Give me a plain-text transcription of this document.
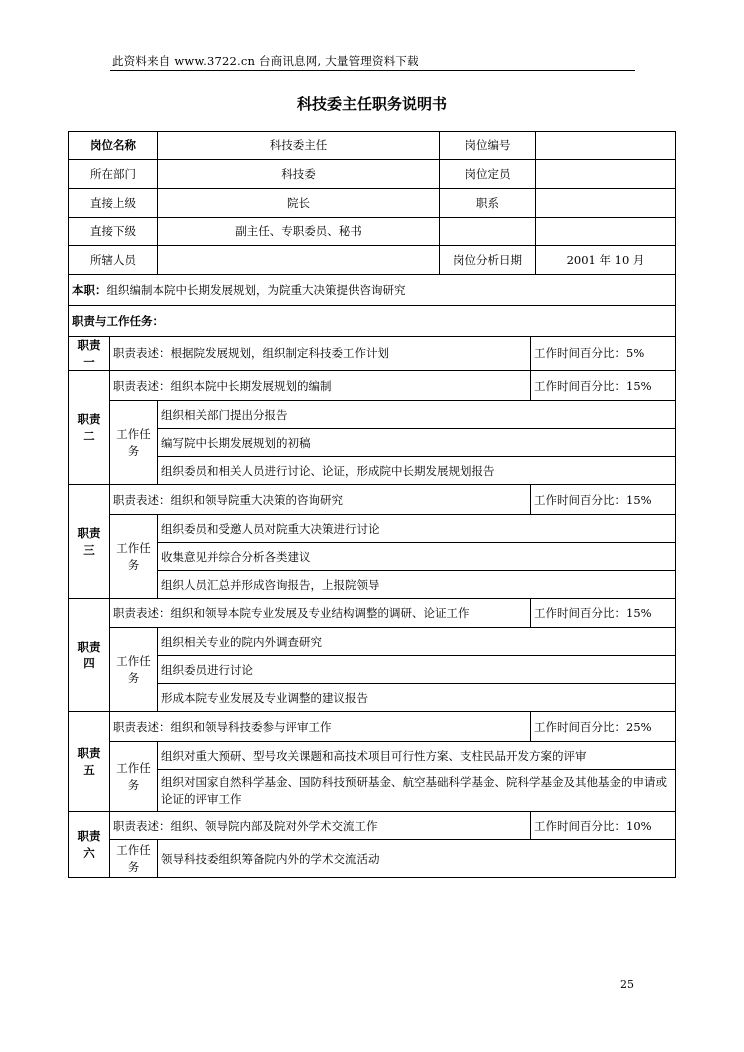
此资料来自 www.3722.cn 台商讯息网, 大量管理资料下载
科技委主任职务说明书
岗位名称		科技委主任	岗位编号		
所在部门		科技委	岗位定员		
直接上级		院长	职系		
直接下级		副主任、专职委员、秘书			
所辖人员			岗位分析日期		2001 年 10 月
本职：组织编制本院中长期发展规划，为院重大决策提供咨询研究					
职责与工作任务：					
职责一	职责表述：根据院发展规划，组织制定科技委工作计划			工作时间百分比：5%	
职责二	职责表述：组织本院中长期发展规划的编制			工作时间百分比：15%	
	工作任务	组织相关部门提出分报告			
		编写院中长期发展规划的初稿			
		组织委员和相关人员进行讨论、论证，形成院中长期发展规划报告			
职责三	职责表述：组织和领导院重大决策的咨询研究			工作时间百分比：15%	
	工作任务	组织委员和受邀人员对院重大决策进行讨论			
		收集意见并综合分析各类建议			
		组织人员汇总并形成咨询报告，上报院领导			
职责四	职责表述：组织和领导本院专业发展及专业结构调整的调研、论证工作			工作时间百分比：15%	
	工作任务	组织相关专业的院内外调查研究			
		组织委员进行讨论			
		形成本院专业发展及专业调整的建议报告			
职责五	职责表述：组织和领导科技委参与评审工作			工作时间百分比：25%	
	工作任务	组织对重大预研、型号攻关课题和高技术项目可行性方案、支柱民品开发方案的评审			
		组织对国家自然科学基金、国防科技预研基金、航空基础科学基金、院科学基金及其他基金的申请或论证的评审工作			
职责六	职责表述：组织、领导院内部及院对外学术交流工作			工作时间百分比：10%	
	工作任务	领导科技委组织筹备院内外的学术交流活动			
25
